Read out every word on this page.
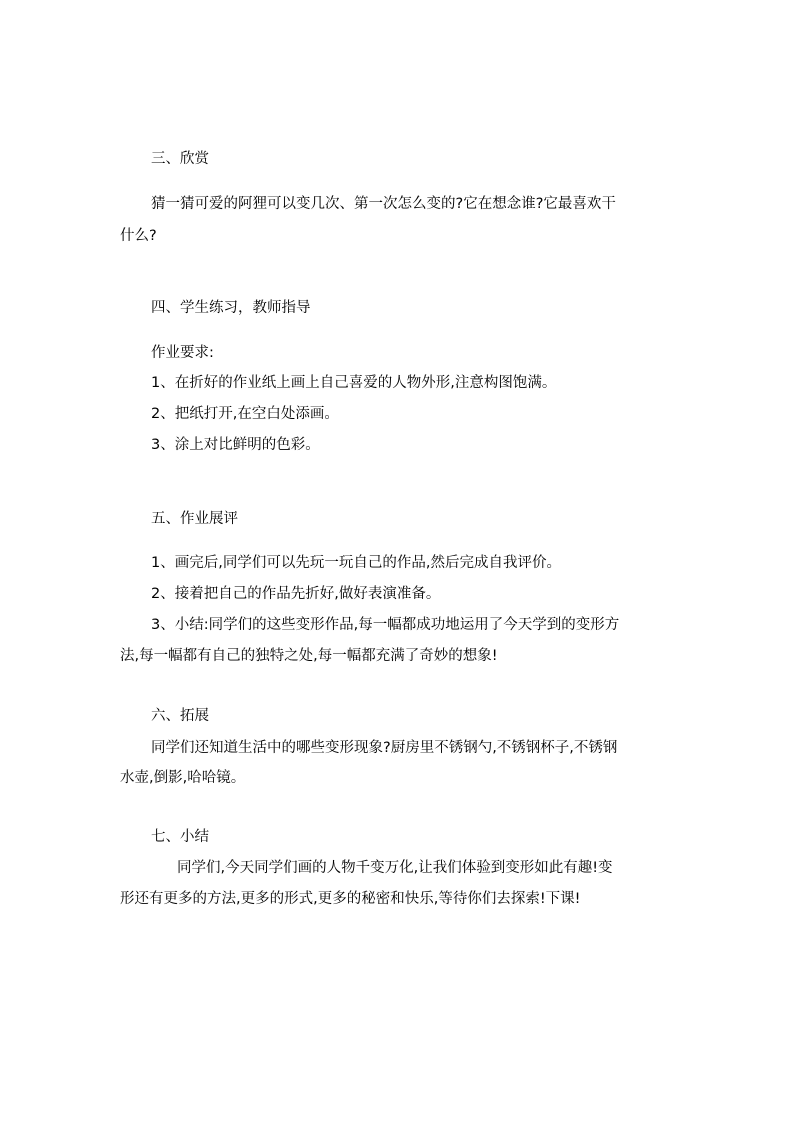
三、欣赏
猜一猜可爱的阿狸可以变几次、第一次怎么变的?它在想念谁?它最喜欢干
什么?
四、学生练习，教师指导
作业要求:
1、在折好的作业纸上画上自己喜爱的人物外形,注意构图饱满。
2、把纸打开,在空白处添画。
3、涂上对比鲜明的色彩。
五、作业展评
1、画完后,同学们可以先玩一玩自己的作品,然后完成自我评价。
2、接着把自己的作品先折好,做好表演准备。
3、小结:同学们的这些变形作品,每一幅都成功地运用了今天学到的变形方
法,每一幅都有自己的独特之处,每一幅都充满了奇妙的想象!
六、拓展
同学们还知道生活中的哪些变形现象?厨房里不锈钢勺,不锈钢杯子,不锈钢
水壶,倒影,哈哈镜。
七、小结
同学们,今天同学们画的人物千变万化,让我们体验到变形如此有趣!变
形还有更多的方法,更多的形式,更多的秘密和快乐,等待你们去探索!下课!
